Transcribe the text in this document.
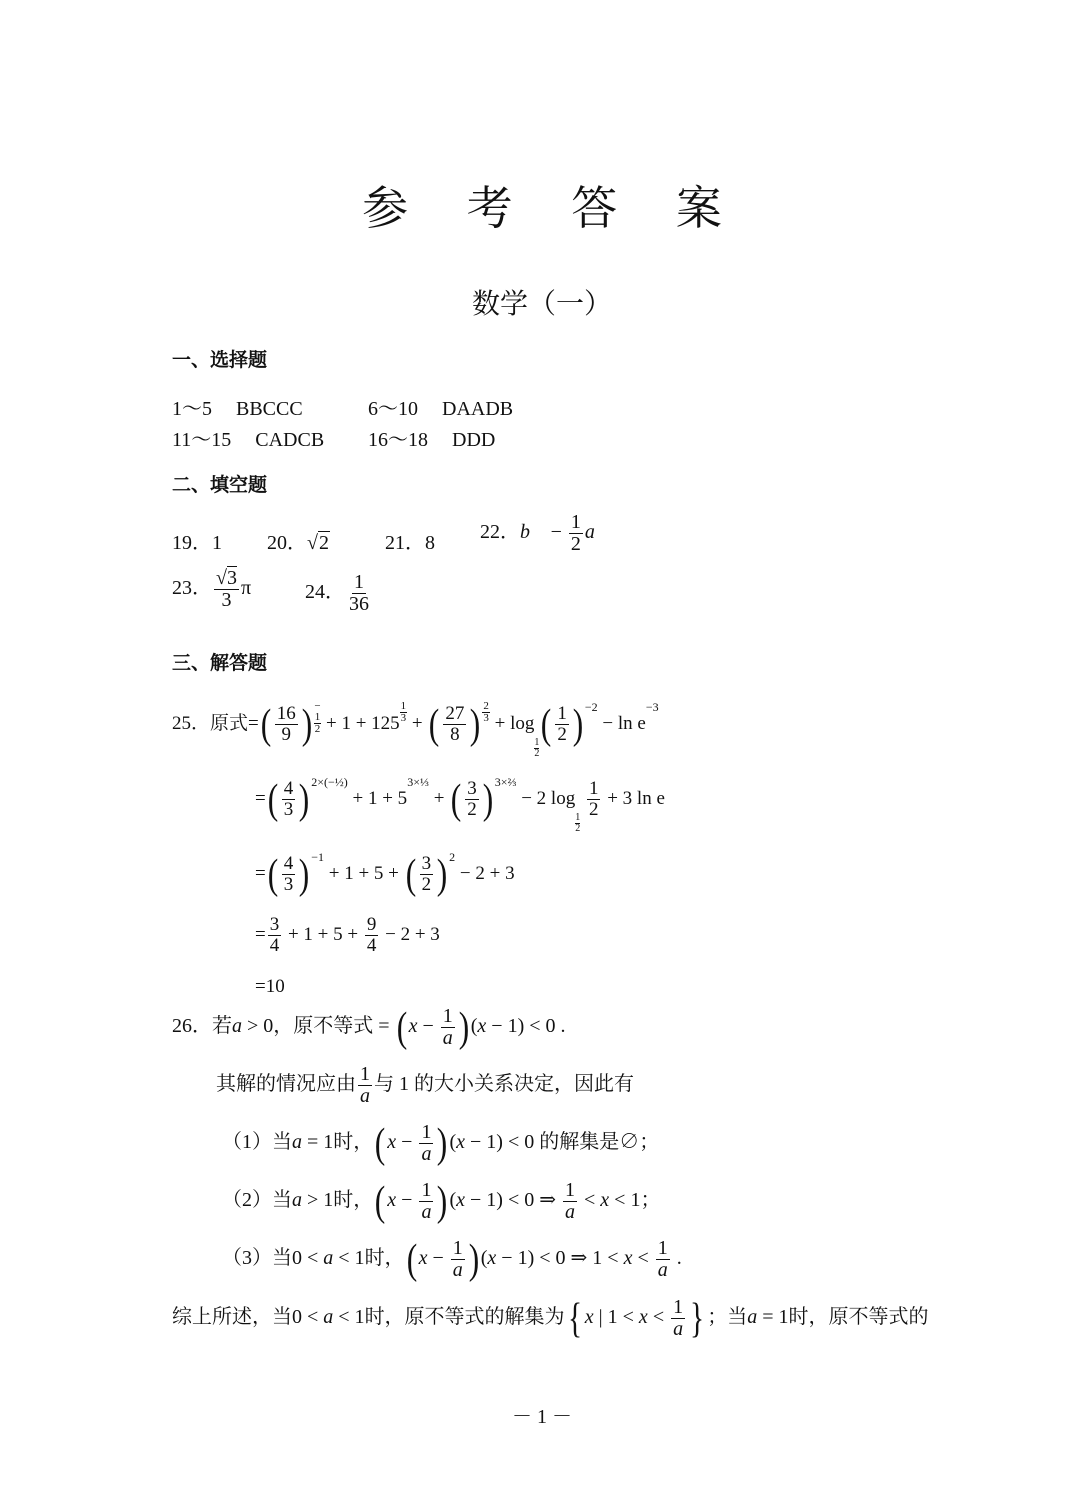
参 考 答 案
数学（一）
一、选择题
1～5 BBCCC	6～10 DAADB
11～15 CADCB 16～18 DDD
二、填空题
19．1 20．√2	21．8 22．b⃗ − $\frac{1}{2}$ a⃗
23． $\frac{√3}{3}$ π	24． $\frac{1}{36}$
三、解答题
25．原式=( $\frac{16}{9}$ ) −
1
$2 + 1 + 125 \frac{1}{3}$ + ( $\frac{27}{8}$ ) $\frac{2}{3} + \log$
$\frac{1}{2}$
( $\frac{1}{2}$ ) $^{-2} - \ln e^{-3}$
=( $\frac{4}{3}$ ) $^{2\times(-\frac{1}{2})} + 1 + 5^{3\times\frac{1}{3}}$ + ( $\frac{3}{2}$ ) $^{3\times\frac{2}{3}}$ − 2 log
$\frac{1}{2}$

$\frac{1}{2} + 3$ ln e
=( $\frac{4}{3}$ ) $^{-1}$ + 1 + 5 + ( $\frac{3}{2}$ ) $^2$ − 2 + 3
= $\frac{3}{4} + 1 + 5 + \frac{9}{4} - 2 + 3$
=10
26．若a > 0，原不等式 = $(x - \frac{1}{a} )(x - 1) < 0$ .
其解的情况应由 $\frac{1}{a}$ 与 1 的大小关系决定，因此有
（1）当a = 1时，$(x - \frac{1}{a} )(x - 1) < 0$ 的解集是∅；
（2）当a > 1时，$(x - \frac{1}{a} )(x - 1) < 0$ ⇒ $\frac{1}{a} < x < 1$；
（3）当0 < a < 1时，$(x - \frac{1}{a} )(x - 1) < 0$ ⇒ $1 < x < \frac{1}{a}$ .
综上所述，当0 < a < 1时，原不等式的解集为{ x | $1 < x < \frac{1}{a}$ } ；当a = 1时，原不等式的
－ 1 －
